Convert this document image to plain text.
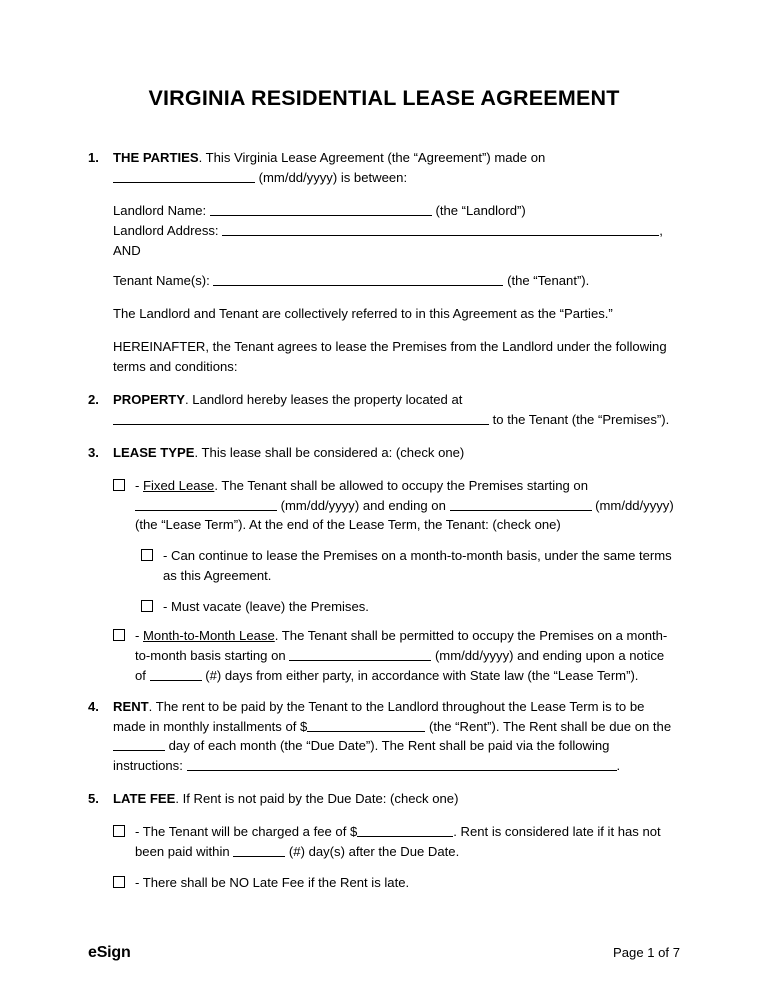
VIRGINIA RESIDENTIAL LEASE AGREEMENT
1. THE PARTIES. This Virginia Lease Agreement (the “Agreement”) made on
(mm/dd/yyyy) is between:

Landlord Name:	(the “Landlord”)
Landlord Address:	, AND

Tenant Name(s):	(the “Tenant”).

The Landlord and Tenant are collectively referred to in this Agreement as the “Parties.”

HEREINAFTER, the Tenant agrees to lease the Premises from the Landlord under the following terms and conditions:

2. PROPERTY. Landlord hereby leases the property located at
to the Tenant (the “Premises”).

3. LEASE TYPE. This lease shall be considered a: (check one)

- Fixed Lease. The Tenant shall be allowed to occupy the Premises starting on
(mm/dd/yyyy) and ending on	(mm/dd/yyyy)
(the “Lease Term”). At the end of the Lease Term, the Tenant: (check one)
- Can continue to lease the Premises on a month-to-month basis, under the same terms as this Agreement.
- Must vacate (leave) the Premises.
- Month-to-Month Lease. The Tenant shall be permitted to occupy the Premises on a month-to-month basis starting on	(mm/dd/yyyy) and ending upon a notice of	(#) days from either party, in accordance with State law (the “Lease Term”).
4. RENT. The rent to be paid by the Tenant to the Landlord throughout the Lease Term is to be made in monthly installments of $	(the “Rent”). The Rent shall be due on the  day of each month (the “Due Date”). The Rent shall be paid via the following instructions:	.

5. LATE FEE. If Rent is not paid by the Due Date: (check one)

- The Tenant will be charged a fee of $	. Rent is considered late if it has not been paid within	(#) day(s) after the Due Date.
- There shall be NO Late Fee if the Rent is late.
eSign	Page 1 of 7
